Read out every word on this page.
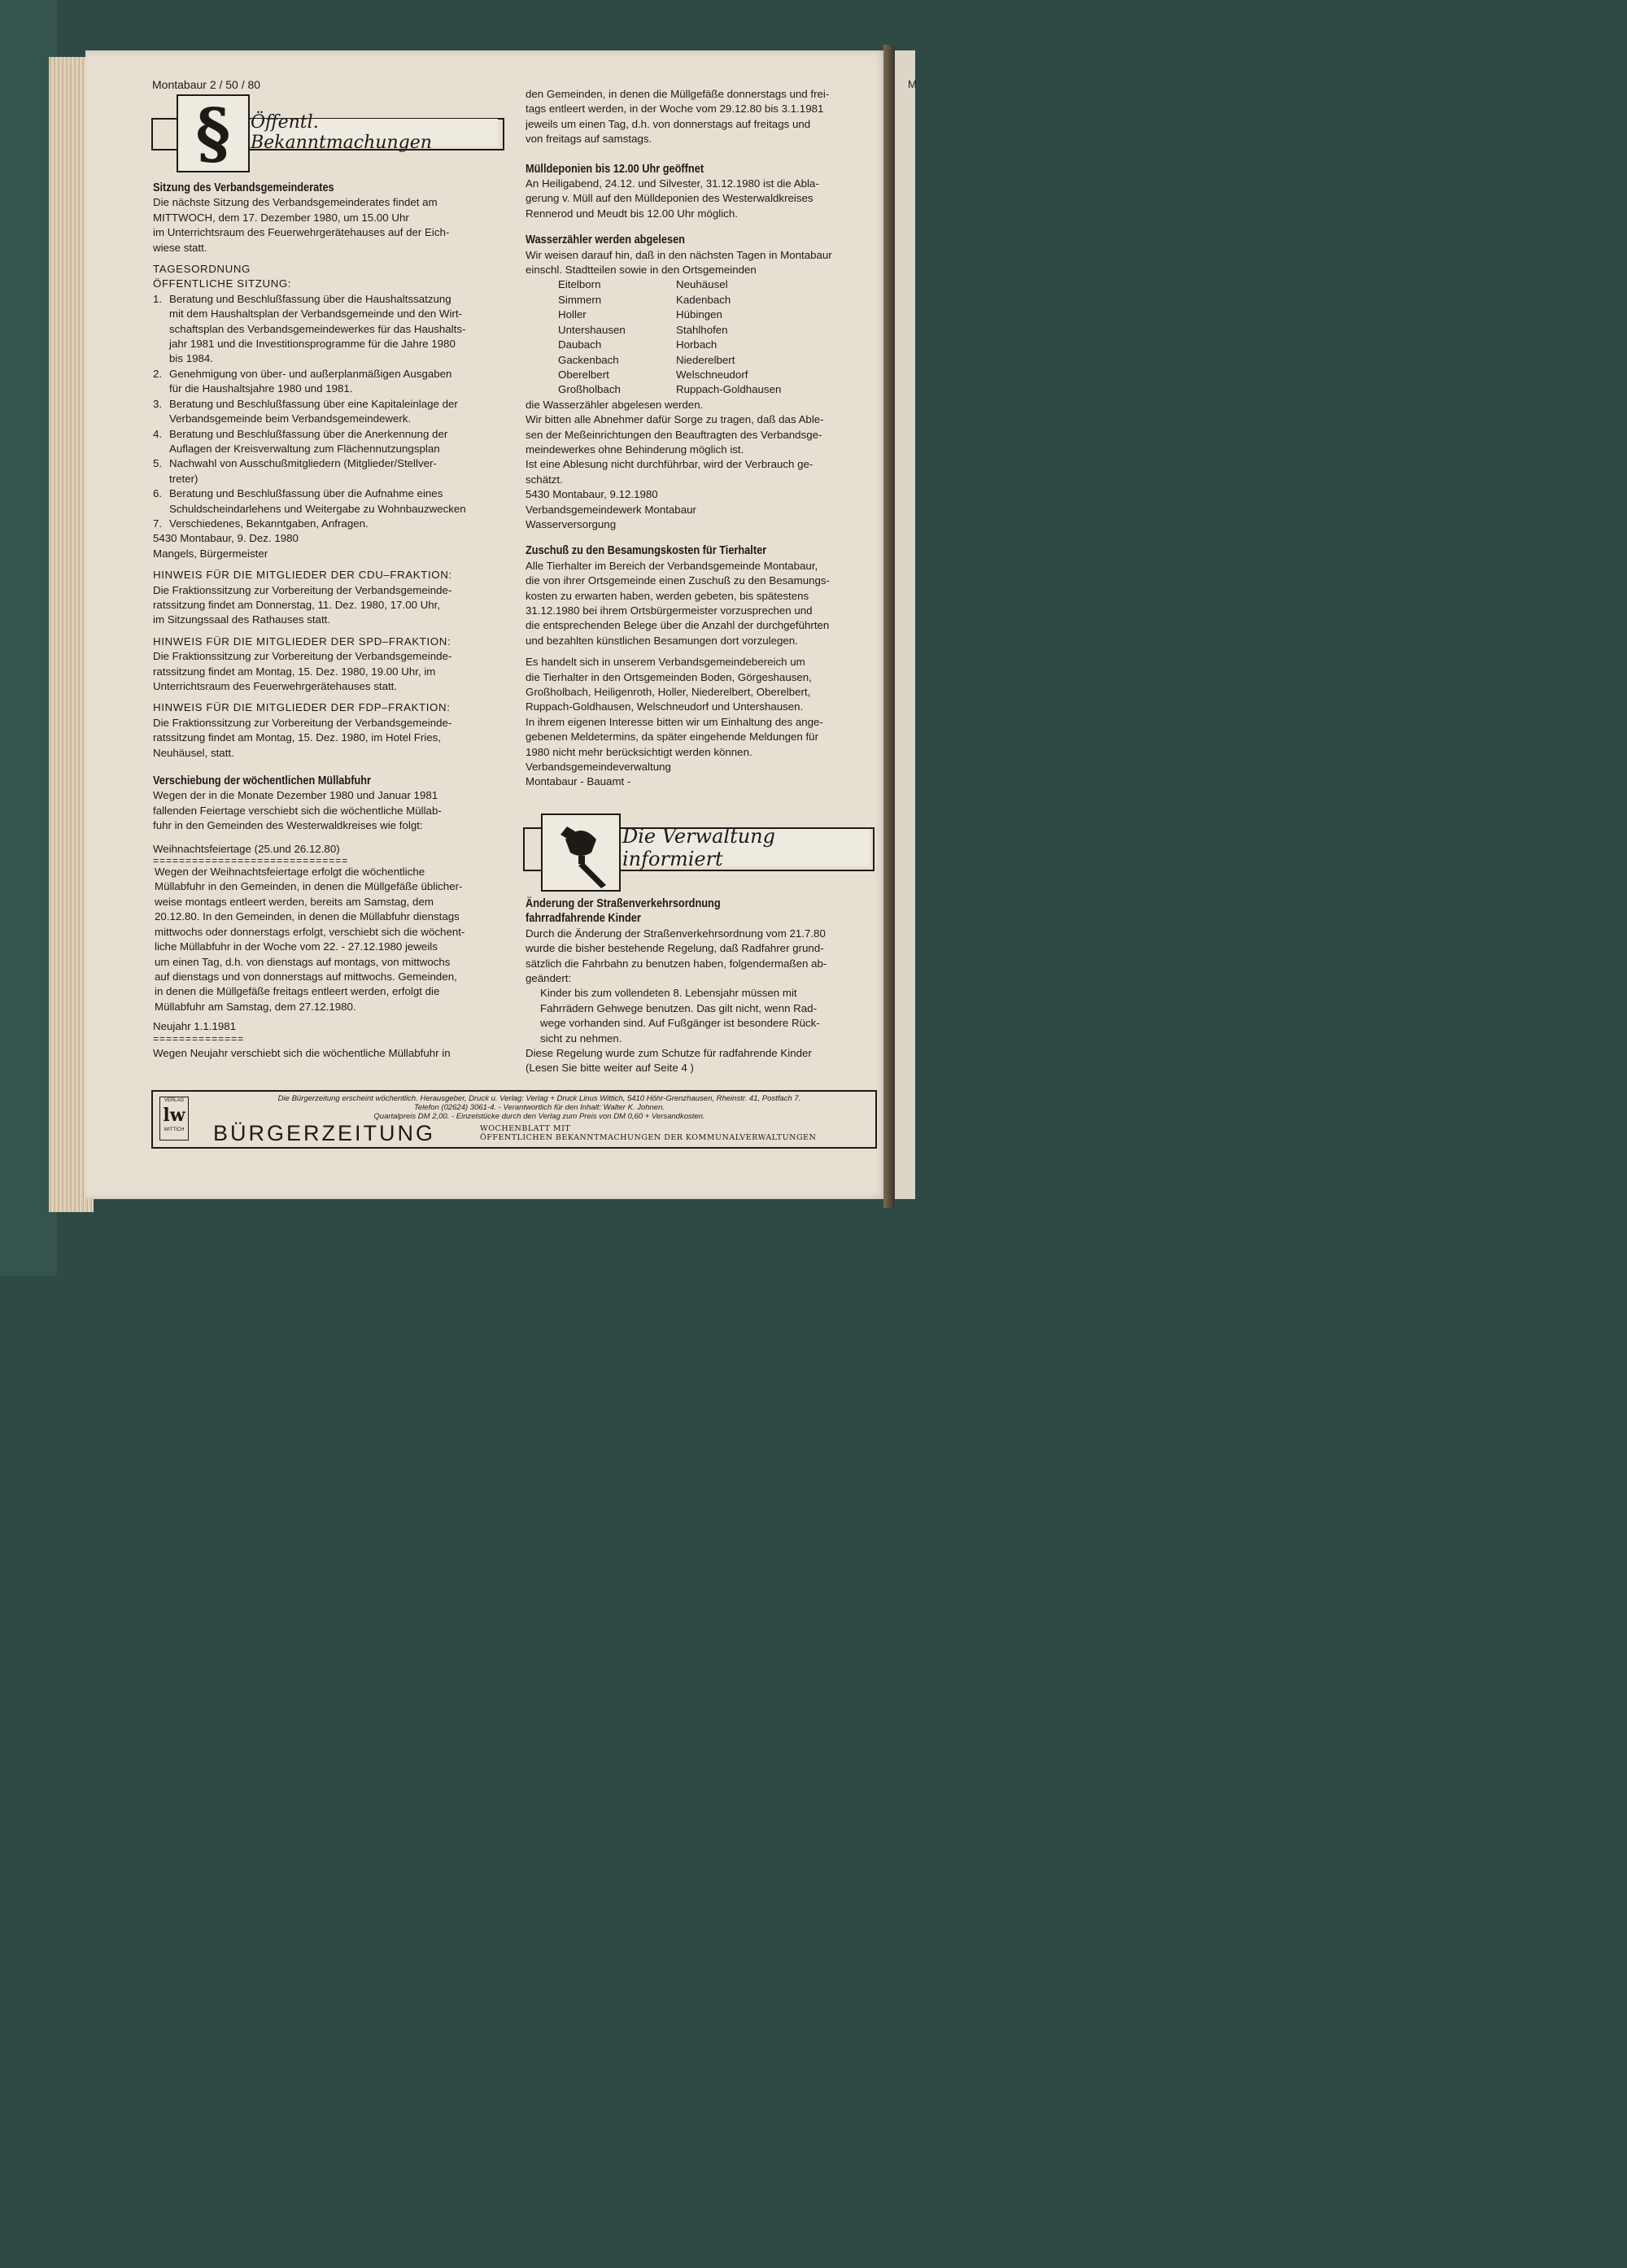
M
Montabaur 2 / 50 / 80
§ Öffentl. Bekanntmachungen

Sitzung des Verbandsgemeinderates

Die nächste Sitzung des Verbandsgemeinderates findet am

MITTWOCH, dem 17. Dezember 1980, um 15.00 Uhr

im Unterrichtsraum des Feuerwehrgerätehauses auf der Eich-

wiese statt.

TAGESORDNUNG

ÖFFENTLICHE SITZUNG:

1. Beratung und Beschlußfassung über die Haushaltssatzung

mit dem Haushaltsplan der Verbandsgemeinde und den Wirt-

schaftsplan des Verbandsgemeindewerkes für das Haushalts-

jahr 1981 und die Investitionsprogramme für die Jahre 1980

bis 1984.

2. Genehmigung von über- und außerplanmäßigen Ausgaben

für die Haushaltsjahre 1980 und 1981.

3. Beratung und Beschlußfassung über eine Kapitaleinlage der

Verbandsgemeinde beim Verbandsgemeindewerk.

4. Beratung und Beschlußfassung über die Anerkennung der

Auflagen der Kreisverwaltung zum Flächennutzungsplan

5. Nachwahl von Ausschußmitgliedern (Mitglieder/Stellver-

treter)

6. Beratung und Beschlußfassung über die Aufnahme eines

Schuldscheindarlehens und Weitergabe zu Wohnbauzwecken

7. Verschiedenes, Bekanntgaben, Anfragen.

5430 Montabaur, 9. Dez. 1980

Mangels, Bürgermeister

HINWEIS FÜR DIE MITGLIEDER DER CDU–FRAKTION:

Die Fraktionssitzung zur Vorbereitung der Verbandsgemeinde-

ratssitzung findet am Donnerstag, 11. Dez. 1980, 17.00 Uhr,

im Sitzungssaal des Rathauses statt.

HINWEIS FÜR DIE MITGLIEDER DER SPD–FRAKTION:

Die Fraktionssitzung zur Vorbereitung der Verbandsgemeinde-

ratssitzung findet am Montag, 15. Dez. 1980, 19.00 Uhr, im

Unterrichtsraum des Feuerwehrgerätehauses statt.

HINWEIS FÜR DIE MITGLIEDER DER FDP–FRAKTION:

Die Fraktionssitzung zur Vorbereitung der Verbandsgemeinde-

ratssitzung findet am Montag, 15. Dez. 1980, im Hotel Fries,

Neuhäusel, statt.

Verschiebung der wöchentlichen Müllabfuhr

Wegen der in die Monate Dezember 1980 und Januar 1981

fallenden Feiertage verschiebt sich die wöchentliche Müllab-

fuhr in den Gemeinden des Westerwaldkreises wie folgt:

Weihnachtsfeiertage (25.und 26.12.80)

==============================

Wegen der Weihnachtsfeiertage erfolgt die wöchentliche

Müllabfuhr in den Gemeinden, in denen die Müllgefäße üblicher-

weise montags entleert werden, bereits am Samstag, dem

20.12.80. In den Gemeinden, in denen die Müllabfuhr dienstags

mittwochs oder donnerstags erfolgt, verschiebt sich die wöchent-

liche Müllabfuhr in der Woche vom 22. - 27.12.1980 jeweils

um einen Tag, d.h. von dienstags auf montags, von mittwochs

auf dienstags und von donnerstags auf mittwochs. Gemeinden,

in denen die Müllgefäße freitags entleert werden, erfolgt die

Müllabfuhr am Samstag, dem 27.12.1980.

Neujahr 1.1.1981

==============

Wegen Neujahr verschiebt sich die wöchentliche Müllabfuhr in

den Gemeinden, in denen die Müllgefäße donnerstags und frei-

tags entleert werden, in der Woche vom 29.12.80 bis 3.1.1981

jeweils um einen Tag, d.h. von donnerstags auf freitags und

von freitags auf samstags.

Mülldeponien bis 12.00 Uhr geöffnet

An Heiligabend, 24.12. und Silvester, 31.12.1980 ist die Abla-

gerung v. Müll auf den Mülldeponien des Westerwaldkreises

Rennerod und Meudt bis 12.00 Uhr möglich.

Wasserzähler werden abgelesen

Wir weisen darauf hin, daß in den nächsten Tagen in Montabaur

einschl. Stadtteilen sowie in den Ortsgemeinden

Eitelborn	Neuhäusel
Simmern	Kadenbach
Holler	Hübingen
Untershausen	Stahlhofen
Daubach	Horbach
Gackenbach	Niederelbert
Oberelbert	Welschneudorf
Großholbach	Ruppach-Goldhausen

die Wasserzähler abgelesen werden.

Wir bitten alle Abnehmer dafür Sorge zu tragen, daß das Able-

sen der Meßeinrichtungen den Beauftragten des Verbandsge-

meindewerkes ohne Behinderung möglich ist.

Ist eine Ablesung nicht durchführbar, wird der Verbrauch ge-

schätzt.

5430 Montabaur, 9.12.1980

Verbandsgemeindewerk Montabaur

Wasserversorgung

Zuschuß zu den Besamungskosten für Tierhalter

Alle Tierhalter im Bereich der Verbandsgemeinde Montabaur,

die von ihrer Ortsgemeinde einen Zuschuß zu den Besamungs-

kosten zu erwarten haben, werden gebeten, bis spätestens

31.12.1980 bei ihrem Ortsbürgermeister vorzusprechen und

die entsprechenden Belege über die Anzahl der durchgeführten

und bezahlten künstlichen Besamungen dort vorzulegen.

Es handelt sich in unserem Verbandsgemeindebereich um

die Tierhalter in den Ortsgemeinden Boden, Görgeshausen,

Großholbach, Heiligenroth, Holler, Niederelbert, Oberelbert,

Ruppach-Goldhausen, Welschneudorf und Untershausen.

In ihrem eigenen Interesse bitten wir um Einhaltung des ange-

gebenen Meldetermins, da später eingehende Meldungen für

1980 nicht mehr berücksichtigt werden können.

Verbandsgemeindeverwaltung

Montabaur - Bauamt -

Die Verwaltung informiert

Änderung der Straßenverkehrsordnung

fahrradfahrende Kinder

Durch die Änderung der Straßenverkehrsordnung vom 21.7.80

wurde die bisher bestehende Regelung, daß Radfahrer grund-

sätzlich die Fahrbahn zu benutzen haben, folgendermaßen ab-

geändert:

Kinder bis zum vollendeten 8. Lebensjahr müssen mit

Fahrrädern Gehwege benutzen. Das gilt nicht, wenn Rad-

wege vorhanden sind. Auf Fußgänger ist besondere Rück-

sicht zu nehmen.

Diese Regelung wurde zum Schutze für radfahrende Kinder

(Lesen Sie bitte weiter auf Seite 4 )

VERLAG
lw
WITTICH
Die Bürgerzeitung erscheint wöchentlich. Herausgeber, Druck u. Verlag: Verlag + Druck Linus Wittich, 5410 Höhr-Grenzhausen, Rheinstr. 41, Postfach 7.
Telefon (02624) 3061-4. - Verantwortlich für den Inhalt: Walter K. Johnen.
Quartalpreis DM 2,00. - Einzelstücke durch den Verlag zum Preis von DM 0,60 + Versandkosten.
BÜRGERZEITUNG	WOCHENBLATT MIT
ÖFFENTLICHEN BEKANNTMACHUNGEN DER KOMMUNALVERWALTUNGEN
